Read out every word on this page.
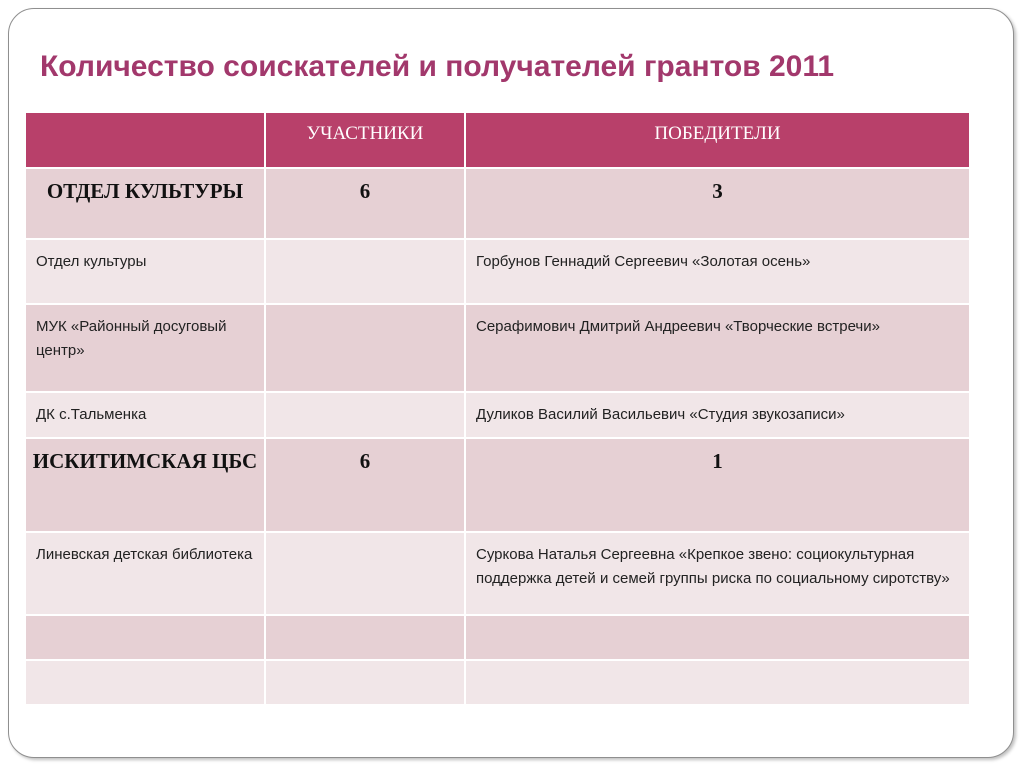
Количество соискателей и получателей грантов 2011
	УЧАСТНИКИ	ПОБЕДИТЕЛИ
ОТДЕЛ КУЛЬТУРЫ	6	3
Отдел культуры		Горбунов Геннадий Сергеевич «Золотая осень»
МУК «Районный досуговый центр»		Серафимович Дмитрий Андреевич «Творческие встречи»
ДК с.Тальменка		Дуликов Василий Васильевич «Студия звукозаписи»
ИСКИТИМСКАЯ ЦБС	6	1
Линевская детская библиотека		Суркова Наталья Сергеевна «Крепкое звено: социокультурная поддержка детей и семей группы риска по социальному сиротству»
